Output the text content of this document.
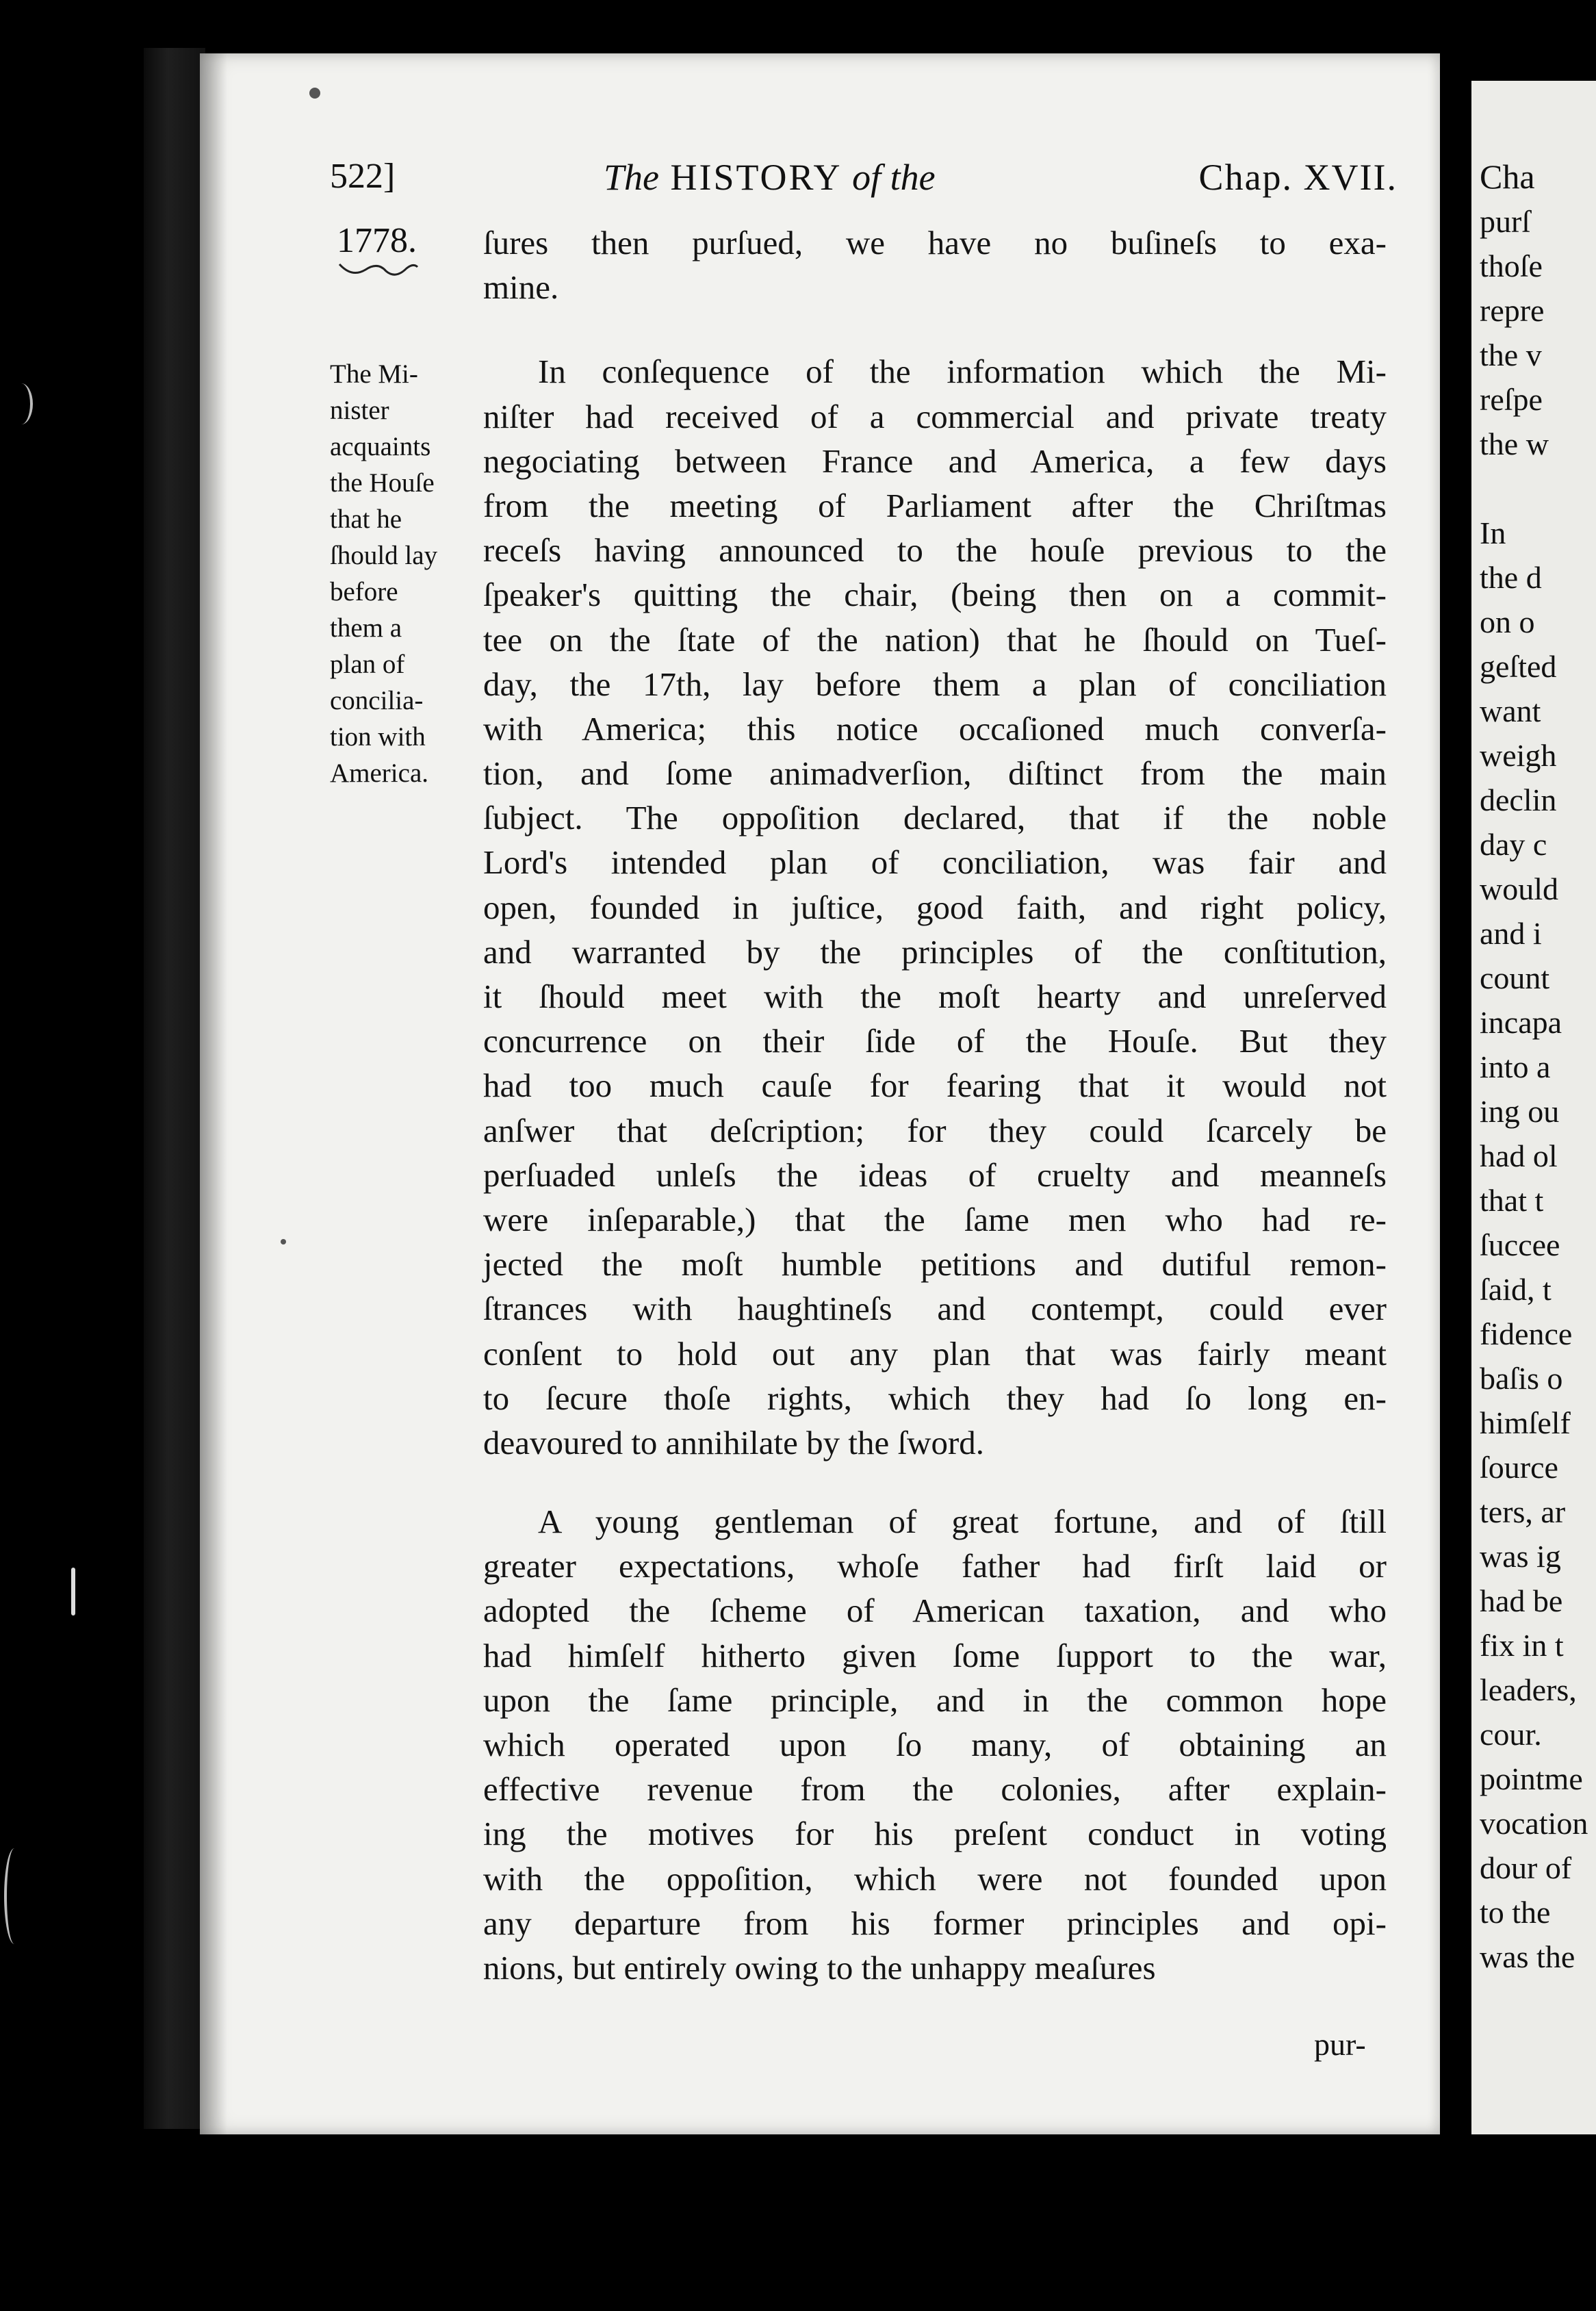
Cha
purſ
thoſe
repre
the v
reſpe
the w
In
the d
on o
geſted
want
weigh
declin
day c
would
and i
count
incapa
into a
ing ou
had ol
that t
ſuccee
ſaid, t
fidence
baſis o
himſelf
ſource
ters, ar
was ig
had be
fix in t
leaders,
cour.
pointme
vocation
dour of
to the
was the
522]	The HISTORY of the	Chap. XVII.
1778.
The Mi-
nister
acquaints
the Houſe
that he
ſhould lay
before
them a
plan of
concilia-
tion with
America.
ſures then purſued, we have no buſineſs to exa-
mine.
In conſequence of the information which the Mi-
niſter had received of a commercial and private treaty
negociating between France and America, a few days
from the meeting of Parliament after the Chriſtmas
receſs having announced to the houſe previous to the
ſpeaker's quitting the chair, (being then on a commit-
tee on the ſtate of the nation) that he ſhould on Tueſ-
day, the 17th, lay before them a plan of conciliation
with America; this notice occaſioned much converſa-
tion, and ſome animadverſion, diſtinct from the main
ſubject. The oppoſition declared, that if the noble
Lord's intended plan of conciliation, was fair and
open, founded in juſtice, good faith, and right policy,
and warranted by the principles of the conſtitution,
it ſhould meet with the moſt hearty and unreſerved
concurrence on their ſide of the Houſe. But they
had too much cauſe for fearing that it would not
anſwer that deſcription; for they could ſcarcely be
perſuaded unleſs the ideas of cruelty and meanneſs
were inſeparable,) that the ſame men who had re-
jected the moſt humble petitions and dutiful remon-
ſtrances with haughtineſs and contempt, could ever
conſent to hold out any plan that was fairly meant
to ſecure thoſe rights, which they had ſo long en-
deavoured to annihilate by the ſword.
A young gentleman of great fortune, and of ſtill
greater expectations, whoſe father had firſt laid or
adopted the ſcheme of American taxation, and who
had himſelf hitherto given ſome ſupport to the war,
upon the ſame principle, and in the common hope
which operated upon ſo many, of obtaining an
effective revenue from the colonies, after explain-
ing the motives for his preſent conduct in voting
with the oppoſition, which were not founded upon
any departure from his former principles and opi-
nions, but entirely owing to the unhappy meaſures
pur-
